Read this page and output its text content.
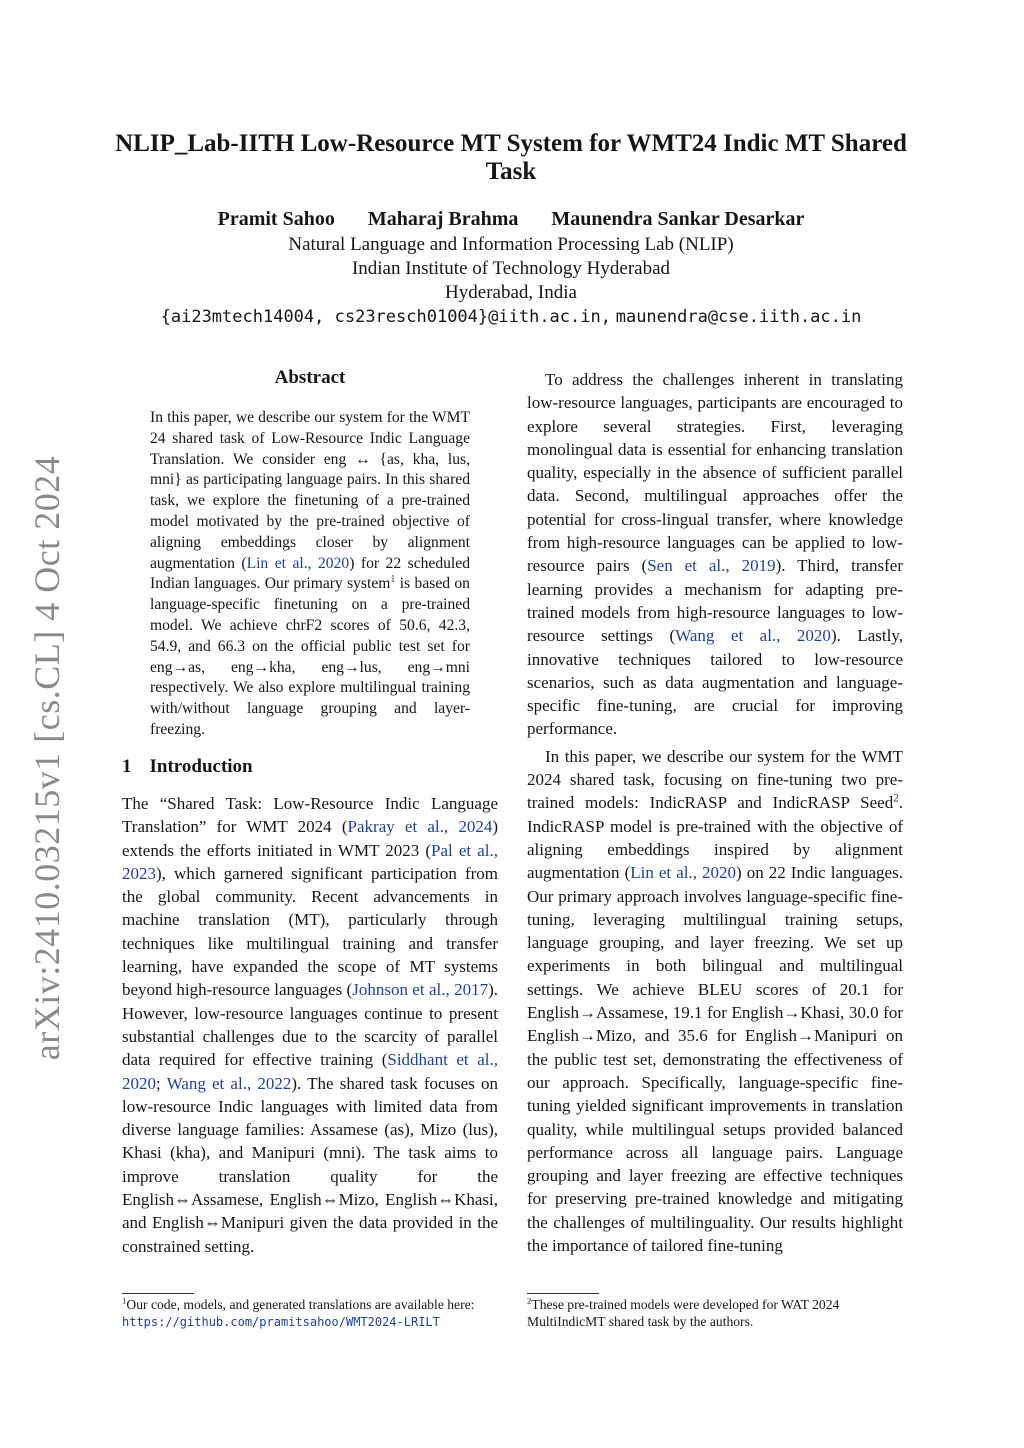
arXiv:2410.03215v1 [cs.CL] 4 Oct 2024
NLIP_Lab-IITH Low-Resource MT System for WMT24 Indic MT Shared Task
Pramit Sahoo Maharaj Brahma Maunendra Sankar Desarkar
Natural Language and Information Processing Lab (NLIP)
Indian Institute of Technology Hyderabad
Hyderabad, India
{ai23mtech14004, cs23resch01004}@iith.ac.in, maunendra@cse.iith.ac.in
Abstract
In this paper, we describe our system for the WMT 24 shared task of Low-Resource Indic Language Translation. We consider eng ↔ {as, kha, lus, mni} as participating language pairs. In this shared task, we explore the finetuning of a pre-trained model motivated by the pre-trained objective of aligning embeddings closer by alignment augmentation (Lin et al., 2020) for 22 scheduled Indian languages. Our primary system$^1$ is based on language-specific finetuning on a pre-trained model. We achieve chrF2 scores of 50.6, 42.3, 54.9, and 66.3 on the official public test set for eng→as, eng→kha, eng→lus, eng→mni respectively. We also explore multilingual training with/without language grouping and layer-freezing.
1 Introduction

The “Shared Task: Low-Resource Indic Language Translation” for WMT 2024 (Pakray et al., 2024) extends the efforts initiated in WMT 2023 (Pal et al., 2023), which garnered significant participation from the global community. Recent advancements in machine translation (MT), particularly through techniques like multilingual training and transfer learning, have expanded the scope of MT systems beyond high-resource languages (Johnson et al., 2017). However, low-resource languages continue to present substantial challenges due to the scarcity of parallel data required for effective training (Siddhant et al., 2020; Wang et al., 2022). The shared task focuses on low-resource Indic languages with limited data from diverse language families: Assamese (as), Mizo (lus), Khasi (kha), and Manipuri (mni). The task aims to improve translation quality for the English⇔Assamese, English⇔Mizo, English⇔Khasi, and English⇔Manipuri given the data provided in the constrained setting.

To address the challenges inherent in translating low-resource languages, participants are encouraged to explore several strategies. First, leveraging monolingual data is essential for enhancing translation quality, especially in the absence of sufficient parallel data. Second, multilingual approaches offer the potential for cross-lingual transfer, where knowledge from high-resource languages can be applied to low-resource pairs (Sen et al., 2019). Third, transfer learning provides a mechanism for adapting pre-trained models from high-resource languages to low-resource settings (Wang et al., 2020). Lastly, innovative techniques tailored to low-resource scenarios, such as data augmentation and language-specific fine-tuning, are crucial for improving performance.

In this paper, we describe our system for the WMT 2024 shared task, focusing on fine-tuning two pre-trained models: IndicRASP and IndicRASP Seed$^2$. IndicRASP model is pre-trained with the objective of aligning embeddings inspired by alignment augmentation (Lin et al., 2020) on 22 Indic languages. Our primary approach involves language-specific fine-tuning, leveraging multilingual training setups, language grouping, and layer freezing. We set up experiments in both bilingual and multilingual settings. We achieve BLEU scores of 20.1 for English→Assamese, 19.1 for English→Khasi, 30.0 for English→Mizo, and 35.6 for English→Manipuri on the public test set, demonstrating the effectiveness of our approach. Specifically, language-specific fine-tuning yielded significant improvements in translation quality, while multilingual setups provided balanced performance across all language pairs. Language grouping and layer freezing are effective techniques for preserving pre-trained knowledge and mitigating the challenges of multilinguality. Our results highlight the importance of tailored fine-tuning

$^1$Our code, models, and generated translations are available here: https://github.com/pramitsahoo/WMT2024-LRILT
$^2$These pre-trained models were developed for WAT 2024 MultiIndicMT shared task by the authors.
